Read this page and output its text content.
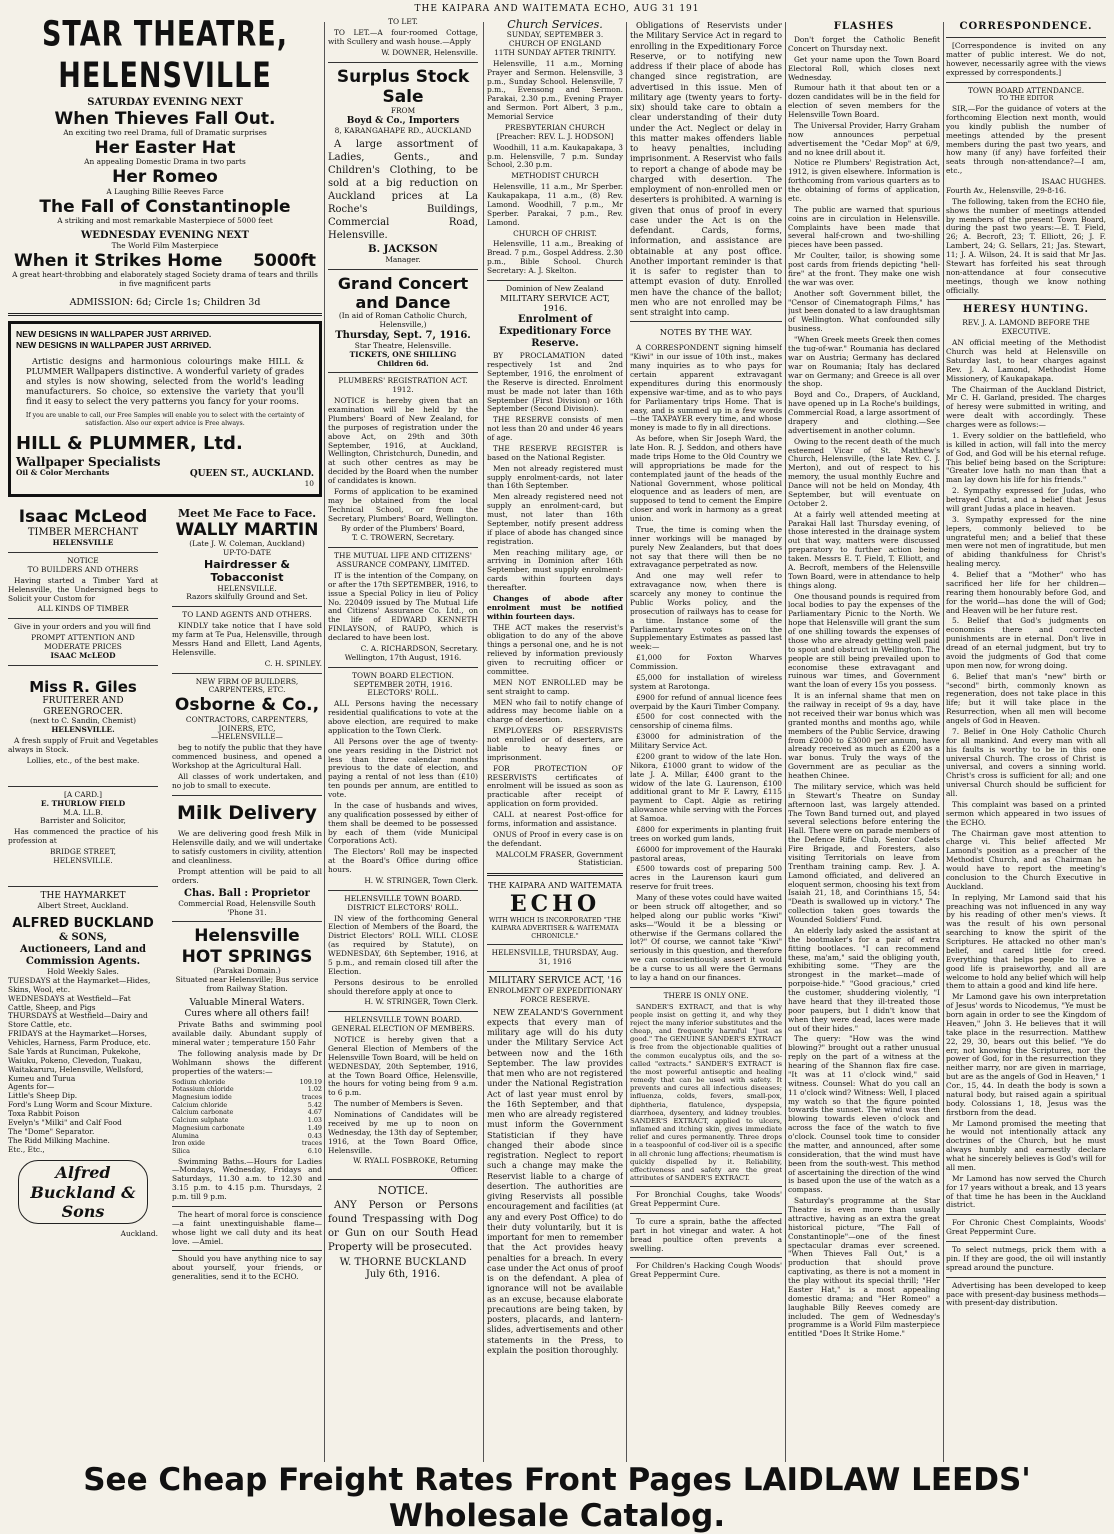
THE KAIPARA AND WAITEMATA ECHO, AUG 31 191
STAR THEATRE, HELENSVILLE
SATURDAY EVENING NEXT
When Thieves Fall Out.
An exciting two reel Drama, full of Dramatic surprises
Her Easter Hat
An appealing Domestic Drama in two parts
Her Romeo
A Laughing Billie Reeves Farce
The Fall of Constantinople
A striking and most remarkable Masterpiece of 5000 feet
WEDNESDAY EVENING NEXT
The World Film Masterpiece
When it Strikes Home 5000ft
A great heart-throbbing and elaborately staged Society drama of tears and thrills in five magnificent parts
ADMISSION: 6d; Circle 1s; Children 3d
NEW DESIGNS IN WALLPAPER JUST ARRIVED.
NEW DESIGNS IN WALLPAPER JUST ARRIVED.

Artistic designs and harmonious colourings make HILL & PLUMMER Wallpapers distinctive. A wonderful variety of grades and styles is now showing, selected from the world's leading manufacturers. So choice, so extensive the variety that you'll find it easy to select the very patterns you fancy for your rooms.

If you are unable to call, our Free Samples will enable you to select with the certainty of satisfaction. Also our expert advice is Free always.
HILL & PLUMMER, Ltd.  Wallpaper Specialists
Oil & Color Merchants	QUEEN ST., AUCKLAND.
10
Isaac McLeod
TIMBER MERCHANT
HELENSVILLE
NOTICE
TO BUILDERS AND OTHERS

Having started a Timber Yard at Helensville, the Undersigned begs to Solicit your Custom for

ALL KINDS OF TIMBER

Give in your orders and you will find

PROMPT ATTENTION AND MODERATE PRICES
ISAAC McLEOD
Miss R. Giles
FRUITERER AND GREENGROCER.
(next to C. Sandin, Chemist)
HELENSVILLE.

A fresh supply of Fruit and Vegetables always in Stock.

Lollies, etc., of the best make.
[A CARD.]
E. THURLOW FIELD
M.A. LL.B.
Barrister and Solicitor,

Has commenced the practice of his profession at

BRIDGE STREET,
HELENSVILLE.
THE HAYMARKET
Albert Street, Auckland.
ALFRED BUCKLAND
& SONS,
Auctioneers, Land and Commission Agents.
Hold Weekly Sales.
TUESDAYS at the Haymarket—Hides, Skins, Wool, etc.
WEDNESDAYS at Westfield—Fat Cattle, Sheep, and Pigs
THURSDAYS at Westfield—Dairy and Store Cattle, etc.
FRIDAYS at the Haymarket—Horses, Vehicles, Harness, Farm Produce, etc.
Sale Yards at Runciman, Pukekohe, Waiuku, Pokeno, Clevedon, Tuakau, Waitakaruru, Helensville, Wellsford, Kumeu and Turua
Agents for—
Little's Sheep Dip.
Ford's Lung Worm and Scour Mixture.
Toxa Rabbit Poison
Evelyn's "Milki" and Calf Food
The "Dome" Separator.
The Ridd Milking Machine.
Etc., Etc.,
Alfred Buckland & Sons
Auckland.
Meet Me Face to Face.
WALLY MARTIN
(Late J. W. Coleman, Auckland)
UP-TO-DATE
Hairdresser & Tobacconist
HELENSVILLE.
Razors skilfully Ground and Set.
TO LAND AGENTS AND OTHERS.

KINDLY take notice that I have sold my farm at Te Pua, Helensville, through Messrs Hand and Ellett, Land Agents, Helensville.

C. H. SPINLEY.
NEW FIRM OF BUILDERS, CARPENTERS, ETC.
Osborne & Co.,
CONTRACTORS, CARPENTERS, JOINERS, ETC,
—HELENSVILLE—

beg to notify the public that they have commenced business, and opened a Workshop at the Agricultural Hall.

All classes of work undertaken, and no job to small to execute.

Milk Delivery

We are delivering good fresh Milk in Helensville daily, and we will undertake to satisfy customers in civility, attention and cleanliness.

Prompt attention will be paid to all orders.

Chas. Ball : Proprietor
Commercial Road, Helensville South 'Phone 31.
Helensville HOT SPRINGS
(Parakai Domain.)
Situated near Helensville; Bus service from Railway Station.
Valuable Mineral Waters.
Cures where all others fail!

Private Baths and swimming pool available daily. Abundant supply of mineral water ; temperature 150 Fahr

The following analysis made by Dr Wohlmann shows the different properties of the waters:—

Sodium chloride	109.19
Potassium chloride	1.02
Magnesium iodide	traces
Calcium chloride	5.42
Calcium carbonate	4.67
Calcium sulphate	1.03
Magnesium carbonate	1.49
Alumina	0.43
Iron oxide	traces
Silica	6.10

Swimming Baths.—Hours for Ladies —Mondays, Wednesday, Fridays and Saturdays, 11.30 a.m. to 12.30 and 3.15 p.m. to 4.15 p.m. Thursdays, 2 p.m. till 9 p.m.

The heart of moral force is conscience —a faint unextinguishable flame—whose light we call duty and its heat love. —Amiel.

Should you have anything nice to say about yourself, your friends, or generalities, send it to the ECHO.

TO LET.

TO LET.—A four-roomed Cottage, with Scullery and wash house.—Apply

W. DOWNER, Helensville.
Surplus Stock Sale
FROM
Boyd & Co., Importers
8, KARANGAHAPE RD., AUCKLAND

A large assortment of Ladies, Gents., and Children's Clothing, to be sold at a big reduction on Auckland prices at La Roche's Buildings, Commercial Road, Helensville.

B. JACKSON
Manager.
Grand Concert and Dance
(In aid of Roman Catholic Church, Helensville,)
Thursday, Sept. 7, 1916.
Star Theatre, Helensville.
TICKETS, ONE SHILLING
Children 6d.
PLUMBERS' REGISTRATION ACT. 1912.

NOTICE is hereby given that an examination will be held by the Plumbers' Board of New Zealand, for the purposes of registration under the above Act, on 29th and 30th September, 1916, at Auckland, Wellington, Christchurch, Dunedin, and at such other centres as may be decided by the Board when the number of candidates is known.

Forms of application to be examined may be obtained from the local Technical School, or from the Secretary, Plumbers' Board, Wellington.

By order of the Plumbers' Board,
T. C. TROWERN, Secretary.
THE MUTUAL LIFE AND CITIZENS' ASSURANCE COMPANY, LIMITED.

IT is the intention of the Company, on or after the 17th SEPTEMBER, 1916, to issue a Special Policy in lieu of Policy No. 220409 issued by The Mutual Life and Citizens' Assurance Co. Ltd., on the life of EDWARD KENNETH FINLAYSON, of RAUPO, which is declared to have been lost.

C. A. RICHARDSON, Secretary.
Wellington, 17th August, 1916.
TOWN BOARD ELECTION.
SEPTEMBER 20TH, 1916.
ELECTORS' ROLL.

ALL Persons having the necessary residential qualifications to vote at the above election, are required to make application to the Town Clerk.

All Persons over the age of twenty-one years residing in the District not less than three calendar months previous to the date of election, and paying a rental of not less than (£10) ten pounds per annum, are entitled to vote.

In the case of husbands and wives, any qualification possessed by either of them shall be deemed to be possessed by each of them (vide Municipal Corporations Act).

The Electors' Roll may be inspected at the Board's Office during office hours.

H. W. STRINGER, Town Clerk.
HELENSVILLE TOWN BOARD.
DISTRICT ELECTORS' ROLL.

IN view of the forthcoming General Election of Members of the Board, the District Electors' ROLL WILL CLOSE (as required by Statute), on WEDNESDAY, 6th September, 1916, at 5 p.m., and remain closed till after the Election.

Persons desirous to be enrolled should therefore apply at once to

H. W. STRINGER, Town Clerk.
HELENSVILLE TOWN BOARD.
GENERAL ELECTION OF MEMBERS.

NOTICE is hereby given that a General Election of Members of the Helensville Town Board, will be held on WEDNESDAY, 20th September, 1916, at the Town Board Office, Helensville, the hours for voting being from 9 a.m. to 6 p.m.

The number of Members is Seven.

Nominations of Candidates will be received by me up to noon on Wednesday, the 13th day of September, 1916, at the Town Board Office, Helensville.

W. RYALL FOSBROKE, Returning Officer.
NOTICE.

ANY Person or Persons found Trespassing with Dog or Gun on our South Head Property will be prosecuted.

W. THORNE BUCKLAND
July 6th, 1916.
Church Services.
SUNDAY, SEPTEMBER 3.
CHURCH OF ENGLAND
11TH SUNDAY AFTER TRINITY.

Helensville, 11 a.m., Morning Prayer and Sermon. Helensville, 3 p.m., Sunday School. Helensville, 7 p.m., Evensong and Sermon. Parakai, 2.30 p.m., Evening Prayer and Sermon. Port Albert, 3 p.m., Memorial Service

PRESBYTERIAN CHURCH
[Preacher: REV. L. J. HODSON]

Woodhill, 11 a.m. Kaukapakapa, 3 p.m. Helensville, 7 p.m. Sunday School, 2.30 p.m.

METHODIST CHURCH

Helensville, 11 a.m., Mr Sperber. Kaukapakapa, 11 a.m., (8) Rev. Lamond. Woodhill, 7 p.m., Mr Sperber. Parakai, 7 p.m., Rev. Lamond.

CHURCH OF CHRIST.

Helensville, 11 a.m., Breaking of Bread. 7 p.m., Gospel Address. 2.30 p.m., Bible School. Church Secretary: A. J. Skelton.

Dominion of New Zealand
MILITARY SERVICE ACT, 1916.
Enrolment of Expeditionary Force Reserve.

BY PROCLAMATION dated respectively 1st and 2nd September, 1916, the enrolment of the Reserve is directed. Enrolment must be made not later than 16th September (First Division) or 16th September (Second Division).

THE RESERVE consists of men not less than 20 and under 46 years of age.

THE RESERVE REGISTER is based on the National Register.

Men not already registered must supply enrolment-cards, not later than 16th September.

Men already registered need not supply an enrolment-card, but must, not later than 16th September, notify present address if place of abode has changed since registration.

Men reaching military age, or arriving in Dominion after 16th September, must supply enrolment-cards within fourteen days thereafter.

Changes of abode after enrolment must be notified within fourteen days.

THE ACT makes the reservist's obligation to do any of the above things a personal one, and he is not relieved by information previously given to recruiting officer or committee.

MEN NOT ENROLLED may be sent straight to camp.

MEN who fail to notify change of address may become liable on a charge of desertion.

EMPLOYERS OF RESERVISTS not enrolled or of deserters, are liable to heavy fines or imprisonment.

FOR PROTECTION OF RESERVISTS certificates of enrolment will be issued as soon as practicable after receipt of application on form provided.

CALL at nearest Post-office for forms, information and assistance.

ONUS of Proof in every case is on the defendant.

MALCOLM FRASER, Government Statistician.
THE KAIPARA AND WAITEMATA
ECHO
WITH WHICH IS INCORPORATED "THE KAIPARA ADVERTISER & WAITEMATA CHRONICLE."
HELENSVILLE, THURSDAY, Aug. 31, 1916
MILITARY SERVICE ACT, '16
ENROLMENT OF EXPEDITIONARY FORCE RESERVE.

NEW ZEALAND'S Government expects that every man of military age will do his duty under the Military Service Act between now and the 16th September. The law provides that men who are not registered under the National Registration Act of last year must enrol by the 16th September, and that men who are already registered must inform the Government Statistician if they have changed their abode since registration. Neglect to report such a change may make the Reservist liable to a charge of desertion. The authorities are giving Reservists all possible encouragement and facilities (at any and every Post Office) to do their duty voluntarily, but it is important for men to remember that the Act provides heavy penalties for a breach. In every case under the Act onus of proof is on the defendant. A plea of ignorance will not be available as an excuse, because elaborate precautions are being taken, by posters, placards, and lantern-slides, advertisements and other statements in the Press, to explain the position thoroughly.

Obligations of Reservists under the Military Service Act in regard to enrolling in the Expeditionary Force Reserve, or to notifying new address if their place of abode has changed since registration, are advertised in this issue. Men of military age (twenty years to forty-six) should take care to obtain a clear understanding of their duty under the Act. Neglect or delay in this matter makes offenders liable to heavy penalties, including imprisonment. A Reservist who fails to report a change of abode may be charged with desertion. The employment of non-enrolled men or deserters is prohibited. A warning is given that onus of proof in every case under the Act is on the defendant. Cards, forms, information, and assistance are obtainable at any post office. Another important reminder is that it is safer to register than to attempt evasion of duty. Enrolled men have the chance of the ballot; men who are not enrolled may be sent straight into camp.

NOTES BY THE WAY.

A CORRESPONDENT signing himself "Kiwi" in our issue of 10th inst., makes many inquiries as to who pays for certain apparent extravagant expenditures during this enormously expensive war-time, and as to who pays for Parliamentary trips Home. That is easy, and is summed up in a few words—the TAXPAYER every time, and whose money is made to fly in all directions.

As before, when Sir Joseph Ward, the late Hon. R. J. Seddon, and others have made trips Home to the Old Country we will appropriations be made for the contemplated jaunt of the heads of the National Government, whose political eloquence and as leaders of men, are supposed to tend to cement the Empire closer and work in harmony as a great union.

True, the time is coming when the inner workings will be managed by purely New Zealanders, but that does not say that there will then be no extravagance perpetrated as now.

And one may well refer to extravagance now, when there is scarcely any money to continue the Public Works policy, and the prosecution of railways has to cease for a time. Instance some of the Parliamentary votes on the Supplementary Estimates as passed last week:—

£1,000 for Foxton Wharves Commission.

£5,000 for installation of wireless system at Rarotonga.

£900 for refund of annual licence fees overpaid by the Kauri Timber Company.

£500 for cost connected with the censorship of cinema films.

£3000 for administration of the Military Service Act.

£200 grant to widow of the late Hon. Nikora, £1000 grant to widow of the late J. A. Millar, £400 grant to the widow of the late G. Laurenson, £100 additional grant to Mr F. Lawry, £115 payment to Capt. Algie as retiring allowance while serving with the Forces at Samoa.

£800 for experiments in planting fruit trees on worked gum lands,

£6000 for improvement of the Hauraki pastoral areas,

£500 towards cost of preparing 500 acres in the Laurenson kauri gum reserve for fruit trees.

Many of these votes could have waited or been struck off altogether, and so helped along our public works "Kiwi" asks—"Would it be a blessing or otherwise if the Germans collared the lot?" Of course, we cannot take "Kiwi" seriously in this question, and therefore we can conscientiously assert it would be a curse to us all were the Germans to lay a hand on our finances.

THERE IS ONLY ONE.

SANDER'S EXTRACT, and that is why people insist on getting it, and why they reject the many inferior substitutes and the cheap, and frequently harmful "just as good." The GENUINE SANDER'S EXTRACT is free from the objectionable qualities of the common eucalyptus oils, and the so-called "extracts." SANDER'S EXTRACT is the most powerful antiseptic and healing remedy that can be used with safety. It prevents and cures all infectious diseases; influenza, colds, fevers, small-pox, diphtheria, flatulence, dyspepsia, diarrhoea, dysentery, and kidney troubles. SANDER'S EXTRACT, applied to ulcers, inflamed and itching skin, gives immediate relief and cures permanently. Three drops in a teaspoonful of cod-liver oil is a specific in all chronic lung affections; rheumatism is quickly dispelled by it. Reliability, effectiveness and safety are the great attributes of SANDER'S EXTRACT.

For Bronchial Coughs, take Woods' Great Peppermint Cure.

To cure a sprain, bathe the affected part in hot vinegar and water. A hot bread poultice often prevents a swelling.

For Children's Hacking Cough Woods' Great Peppermint Cure.

FLASHES

Don't forget the Catholic Benefit Concert on Thursday next.

Get your name upon the Town Board Electoral Roll, which closes next Wednesday.

Rumour hath it that about ten or a dozen candidates will be in the field for election of seven members for the Helensville Town Board.

The Universal Provider, Harry Graham now announces perpetual advertisement the "Cedar Mop" at 6/9, and no knee drill about it.

Notice re Plumbers' Registration Act, 1912, is given elsewhere. Information is forthcoming from various quarters as to the obtaining of forms of application, etc.

The public are warned that spurious coins are in circulation in Helensville. Complaints have been made that several half-crown and two-shilling pieces have been passed.

Mr Coulter, tailor, is showing some post cards from friends depicting "hell-fire" at the front. They make one wish the war was over.

Another soft Government billet, the "Censor of Cinematograph Films," has just been donated to a law draughtsman of Wellington. What confounded silly business.

"When Greek meets Greek then comes the tug-of-war." Roumania has declared war on Austria; Germany has declared war on Roumania; Italy has declared war on Germany; and Greece is all over the shop.

Boyd and Co., Drapers, of Auckland, have opened up in La Roche's buildings, Commercial Road, a large assortment of drapery and clothing.—See advertisement in another column.

Owing to the recent death of the much esteemed Vicar of St. Matthew's Church, Helensville, (the late Rev. C. J. Merton), and out of respect to his memory, the usual monthly Euchre and Dance will not be held on Monday, 4th September, but will eventuate on October 2.

At a fairly well attended meeting at Parakai Hall last Thursday evening, of those interested in the drainage system out that way, matters were discussed preparatory to further action being taken. Messrs E. T. Field, T. Elliott, and A. Becroft, members of the Helensville Town Board, were in attendance to help things along.

One thousand pounds is required from local bodies to pay the expenses of the Parliamentary Picnic to the North. We hope that Helensville will grant the sum of one shilling towards the expenses of those who are already getting well paid to spout and obstruct in Wellington. The people are still being prevailed upon to economise these extravagant and ruinous war times, and Government want the loan of every 15s you possess.

It is an infernal shame that men on the railway in receipt of 9s a day, have not received their war bonus which was granted months and months ago, while members of the Public Service, drawing from £2000 to £3000 per annum, have already received as much as £200 as a war bonus. Truly the ways of the Government are as peculiar as the heathen Chinee.

The military service, which was held in Stewart's Theatre on Sunday afternoon last, was largely attended. The Town Band turned out, and played several selections before entering the Hall. There were on parade members of the Defence Rifle Club, Senior Cadets Fire Brigade, and Foresters, also visiting Territorials on leave from Trentham training camp. Rev. J. A. Lamond officiated, and delivered an eloquent sermon, choosing his text from Isaiah 21, 18, and Corinthians 15, 54: "Death is swallowed up in victory." The collection taken goes towards the Wounded Soldiers' Fund.

An elderly lady asked the assistant at the bootmaker's for a pair of extra fitting bootlaces. "I can recommend these, ma'am," said the obliging youth, exhibiting some. "They are the strongest in the market—made of porpoise-hide." "Good gracious," cried the customer, shuddering violently, "I have heard that they ill-treated those poor paupers, but I didn't know that when they were dead, laces were made out of their hides."

The query: "How was the wind blowing?" brought out a rather unusual reply on the part of a witness at the hearing of the Shannon flax fire case. "It was at 11 o'clock wind," said witness. Counsel: What do you call an 11 o'clock wind? Witness: Well, I placed my watch so that the figure pointed towards the sunset. The wind was then blowing towards eleven o'clock and across the face of the watch to five o'clock. Counsel took time to consider the matter, and announced, after some consideration, that the wind must have been from the south-west. This method of ascertaining the direction of the wind is based upon the use of the watch as a compass.

Saturday's programme at the Star Theatre is even more than usually attractive, having as an extra the great historical picture, "The Fall of Constantinople"—one of the finest spectacular dramas ever screened. "When Thieves Fall Out," is a production that should prove captivating, as there is not a moment in the play without its special thrill; "Her Easter Hat," is a most appealing domestic drama; and "Her Romeo" a laughable Billy Reeves comedy are included. The gem of Wednesday's programme is a World Film masterpiece entitled "Does It Strike Home."

CORRESPONDENCE.

[Correspondence is invited on any matter of public interest. We do not, however, necessarily agree with the views expressed by correspondents.]

TOWN BOARD ATTENDANCE.
TO THE EDITOR

SIR,—For the guidance of voters at the forthcoming Election next month, would you kindly publish the number of meetings attended by the present members during the past two years, and how many (if any) have forfeited their seats through non-attendance?—I am, etc.,

ISAAC HUGHES.
Fourth Av., Helensville, 29-8-16.

The following, taken from the ECHO file, shows the number of meetings attended by members of the present Town Board, during the past two years:—E. T. Field, 26; A. Becroft, 23; T. Elliott, 26; J. F. Lambert, 24; G. Sellars, 21; Jas. Stewart, 11; J. A. Wilson, 24. It is said that Mr Jas. Stewart has forfeited his seat through non-attendance at four consecutive meetings, though we know nothing officially.

HERESY HUNTING.
REV. J. A. LAMOND BEFORE THE EXECUTIVE.

AN official meeting of the Methodist Church was held at Helensville on Saturday last, to hear charges against Rev. J. A. Lamond, Methodist Home Missionery, of Kaukapakapa.

The Chairman of the Auckland District, Mr C. H. Garland, presided. The charges of heresy were submitted in writing, and were dealt with accordingly. These charges were as follows:—

1. Every soldier on the battlefield, who is killed in action, will fall into the mercy of God, and God will be his eternal refuge. This belief being based on the Scripture: "Greater love hath no man than that a man lay down his life for his friends."

2. Sympathy expressed for Judas, who betrayed Christ, and a belief that Jesus will grant Judas a place in heaven.

3. Sympathy expressed for the nine lepers, commonly believed to be ungrateful men; and a belief that these men were not men of ingratitude, but men of abiding thankfulness for Christ's healing mercy.

4. Belief that a "Mother" who has sacrificed her life for her children—rearing them honourably before God, and for the world—has done the will of God; and Heaven will be her future rest.

5. Belief that God's judgments on economics there and corrected punishments are in eternal. Don't live in dread of an eternal judgment, but try to avoid the judgments of God that come upon men now, for wrong doing.

6. Belief that man's "new" birth or "second" birth, commonly known as regeneration, does not take place in this life; but it will take place in the Resurrection, when all men will become angels of God in Heaven.

7. Belief in One Holy Catholic Church for all mankind. And every man with all his faults is worthy to be in this one universal Church. The cross of Christ is universal, and covers a sinning world. Christ's cross is sufficient for all; and one universal Church should be sufficient for all.

This complaint was based on a printed sermon which appeared in two issues of the ECHO.

The Chairman gave most attention to charge vi. This belief affected Mr Lamond's position as a preacher of the Methodist Church, and as Chairman he would have to report the meeting's conclusion to the Church Executive in Auckland.

In replying, Mr Lamond said that his preaching was not influenced in any way by his reading of other men's views. It was the result of his own personal searching to know the spirit of the Scriptures. He attacked no other man's belief, and cared little for creed. Everything that helps people to live a good life is praiseworthy, and all are welcome to hold any belief which will help them to attain a good and kind life here.

Mr Lamond gave his own interpretation of Jesus' words to Nicodemus, "Ye must be born again in order to see the Kingdom of Heaven," John 3. He believes that it will take place in the resurrection. Matthew 22, 29, 30, bears out this belief. "Ye do err, not knowing the Scriptures, nor the power of God, for in the resurrection they neither marry, nor are given in marriage, but are as the angels of God in Heaven," 1 Cor., 15, 44. In death the body is sown a natural body, but raised again a spiritual body. Colossians 1, 18, Jesus was the firstborn from the dead.

Mr Lamond promised the meeting that he would not intentionally attack any doctrines of the Church, but he must always humbly and earnestly declare what he sincerely believes is God's will for all men.

Mr Lamond has now served the Church for 17 years without a break, and 13 years of that time he has been in the Auckland district.

For Chronic Chest Complaints, Woods' Great Peppermint Cure.

To select nutmegs, prick them with a pin. If they are good, the oil will instantly spread around the puncture.

Advertising has been developed to keep pace with present-day business methods—with present-day distribution.

See Cheap Freight Rates Front Pages LAIDLAW LEEDS' Wholesale Catalog.
